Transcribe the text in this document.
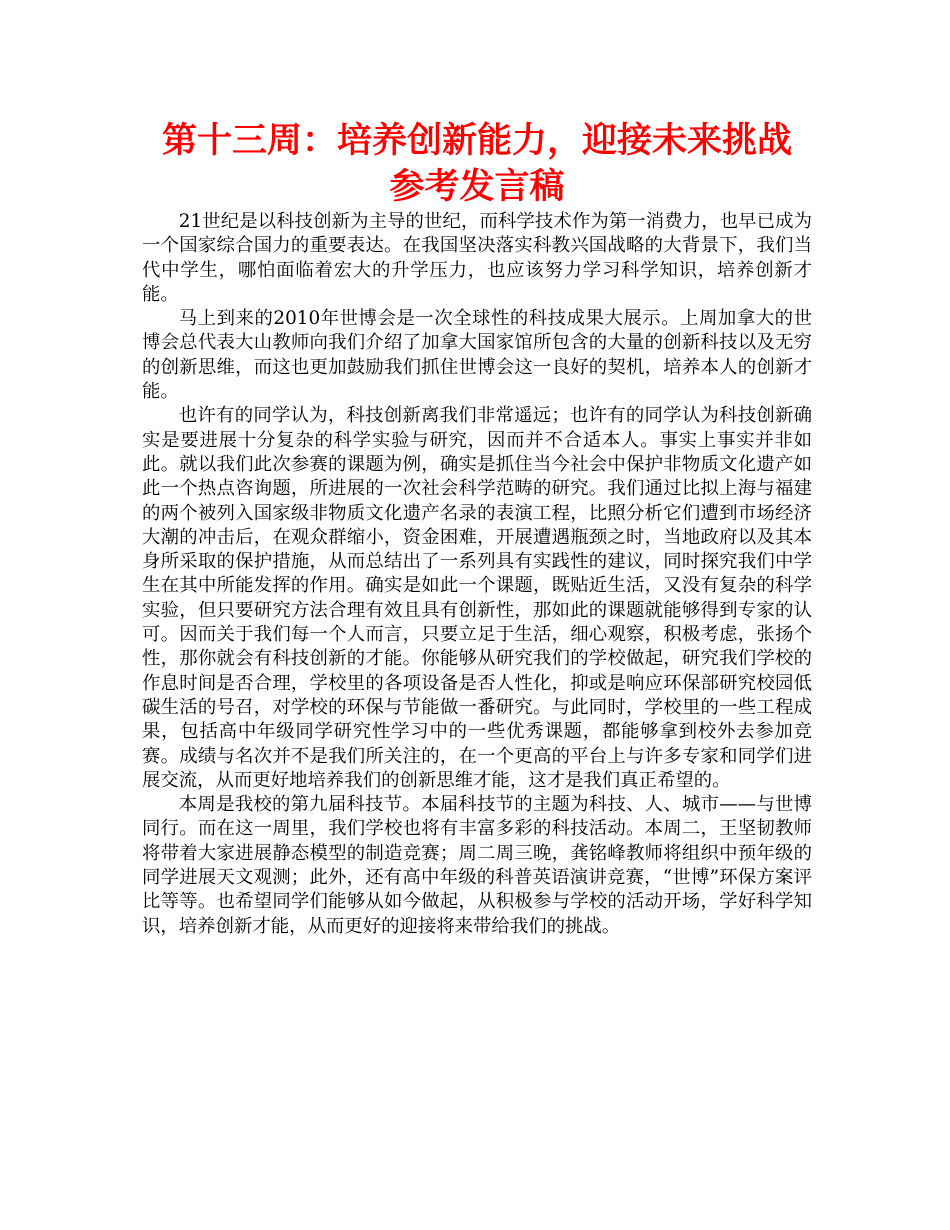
第十三周：培养创新能力，迎接未来挑战
参考发言稿

21世纪是以科技创新为主导的世纪，而科学技术作为第一消费力，也早已成为一个国家综合国力的重要表达。在我国坚决落实科教兴国战略的大背景下，我们当代中学生，哪怕面临着宏大的升学压力，也应该努力学习科学知识，培养创新才能。

马上到来的2010年世博会是一次全球性的科技成果大展示。上周加拿大的世博会总代表大山教师向我们介绍了加拿大国家馆所包含的大量的创新科技以及无穷的创新思维，而这也更加鼓励我们抓住世博会这一良好的契机，培养本人的创新才能。

也许有的同学认为，科技创新离我们非常遥远；也许有的同学认为科技创新确实是要进展十分复杂的科学实验与研究，因而并不合适本人。事实上事实并非如此。就以我们此次参赛的课题为例，确实是抓住当今社会中保护非物质文化遗产如此一个热点咨询题，所进展的一次社会科学范畴的研究。我们通过比拟上海与福建的两个被列入国家级非物质文化遗产名录的表演工程，比照分析它们遭到市场经济大潮的冲击后，在观众群缩小，资金困难，开展遭遇瓶颈之时，当地政府以及其本身所采取的保护措施，从而总结出了一系列具有实践性的建议，同时探究我们中学生在其中所能发挥的作用。确实是如此一个课题，既贴近生活，又没有复杂的科学实验，但只要研究方法合理有效且具有创新性，那如此的课题就能够得到专家的认可。因而关于我们每一个人而言，只要立足于生活，细心观察，积极考虑，张扬个性，那你就会有科技创新的才能。你能够从研究我们的学校做起，研究我们学校的作息时间是否合理，学校里的各项设备是否人性化，抑或是响应环保部研究校园低碳生活的号召，对学校的环保与节能做一番研究。与此同时，学校里的一些工程成果，包括高中年级同学研究性学习中的一些优秀课题，都能够拿到校外去参加竞赛。成绩与名次并不是我们所关注的，在一个更高的平台上与许多专家和同学们进展交流，从而更好地培养我们的创新思维才能，这才是我们真正希望的。

本周是我校的第九届科技节。本届科技节的主题为科技、人、城市——与世博同行。而在这一周里，我们学校也将有丰富多彩的科技活动。本周二，王坚韧教师将带着大家进展静态模型的制造竞赛；周二周三晚，龚铭峰教师将组织中预年级的同学进展天文观测；此外，还有高中年级的科普英语演讲竞赛，“世博”环保方案评比等等。也希望同学们能够从如今做起，从积极参与学校的活动开场，学好科学知识，培养创新才能，从而更好的迎接将来带给我们的挑战。
